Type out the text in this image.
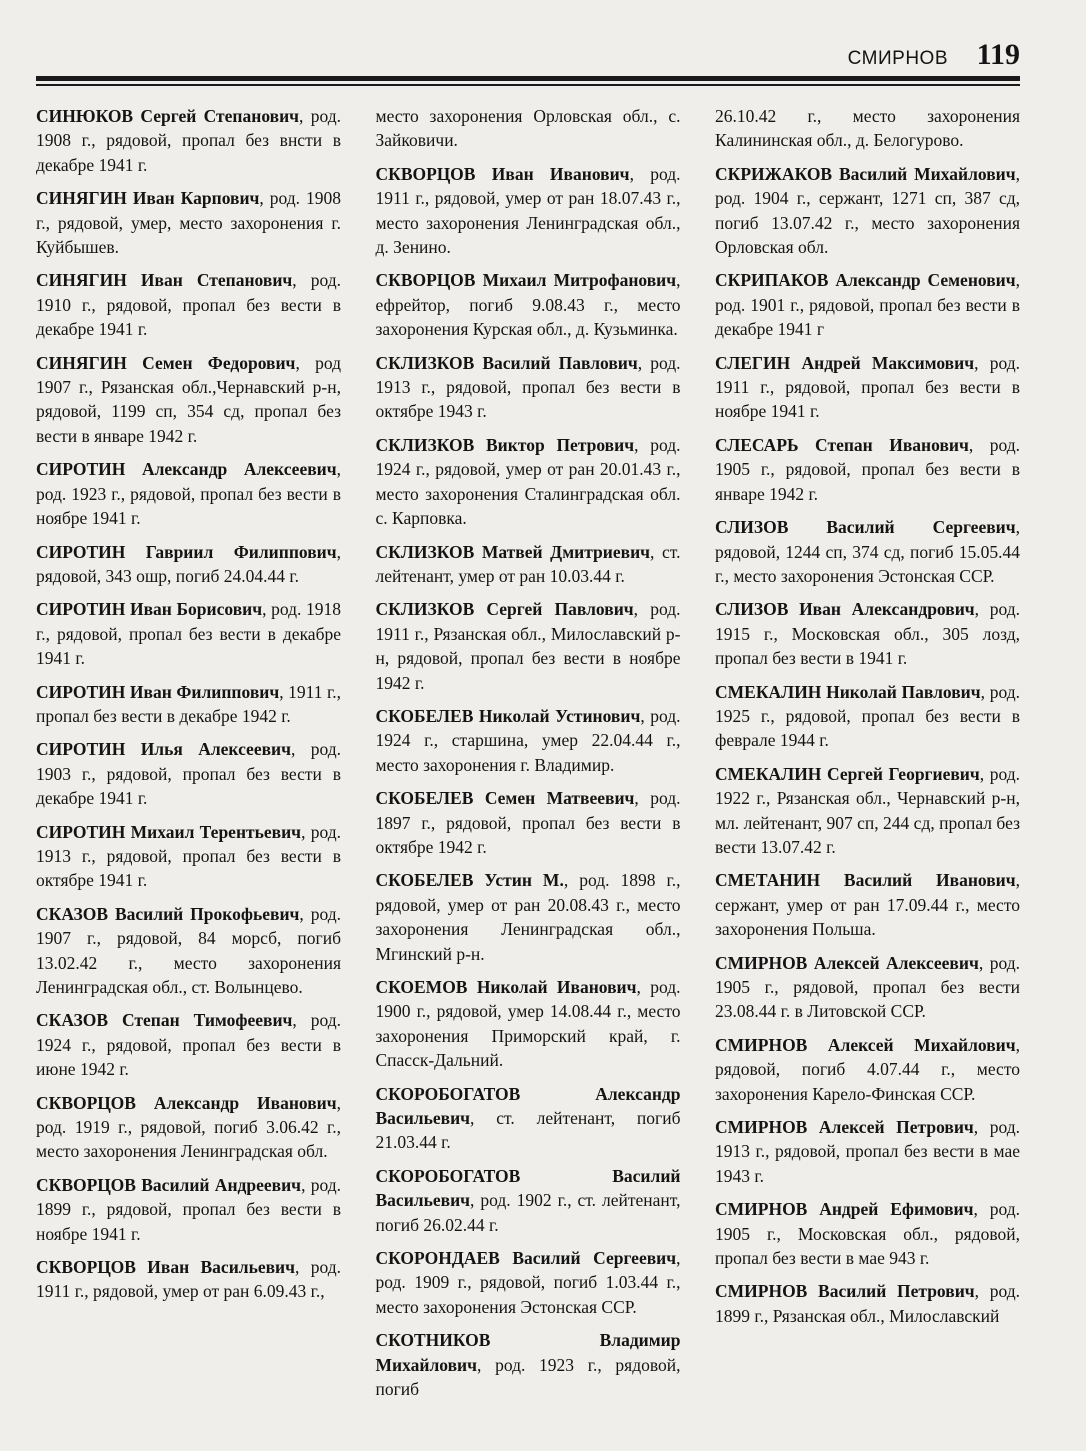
СМИРНОВ 119

СИНЮКОВ Сергей Степанович, род. 1908 г., рядовой, пропал без внсти в декабре 1941 г.

СИНЯГИН Иван Карпович, род. 1908 г., рядовой, умер, место захоронения г. Куйбышев.

СИНЯГИН Иван Степанович, род. 1910 г., рядовой, пропал без вести в декабре 1941 г.

СИНЯГИН Семен Федорович, род 1907 г., Рязанская обл.,Чернавский р-н, рядовой, 1199 сп, 354 сд, пропал без вести в январе 1942 г.

СИРОТИН Александр Алексеевич, род. 1923 г., рядовой, пропал без вести в ноябре 1941 г.

СИРОТИН Гавриил Филиппович, рядовой, 343 ошр, погиб 24.04.44 г.

СИРОТИН Иван Борисович, род. 1918 г., рядовой, пропал без вести в декабре 1941 г.

СИРОТИН Иван Филиппович, 1911 г., пропал без вести в декабре 1942 г.

СИРОТИН Илья Алексеевич, род. 1903 г., рядовой, пропал без вести в декабре 1941 г.

СИРОТИН Михаил Терентьевич, род. 1913 г., рядовой, пропал без вести в октябре 1941 г.

СКАЗОВ Василий Прокофьевич, род. 1907 г., рядовой, 84 морсб, погиб 13.02.42 г., место захоронения Ленинградская обл., ст. Волынцево.

СКАЗОВ Степан Тимофеевич, род. 1924 г., рядовой, пропал без вести в июне 1942 г.

СКВОРЦОВ Александр Иванович, род. 1919 г., рядовой, погиб 3.06.42 г., место захоронения Ленинградская обл.

СКВОРЦОВ Василий Андреевич, род. 1899 г., рядовой, пропал без вести в ноябре 1941 г.

СКВОРЦОВ Иван Васильевич, род. 1911 г., рядовой, умер от ран 6.09.43 г.,

место захоронения Орловская обл., с. Зайковичи.

СКВОРЦОВ Иван Иванович, род. 1911 г., рядовой, умер от ран 18.07.43 г., место захоронения Ленинградская обл., д. Зенино.

СКВОРЦОВ Михаил Митрофанович, ефрейтор, погиб 9.08.43 г., место захоронения Курская обл., д. Кузьминка.

СКЛИЗКОВ Василий Павлович, род. 1913 г., рядовой, пропал без вести в октябре 1943 г.

СКЛИЗКОВ Виктор Петрович, род. 1924 г., рядовой, умер от ран 20.01.43 г., место захоронения Сталинградская обл. с. Карповка.

СКЛИЗКОВ Матвей Дмитриевич, ст. лейтенант, умер от ран 10.03.44 г.

СКЛИЗКОВ Сергей Павлович, род. 1911 г., Рязанская обл., Милославский р-н, рядовой, пропал без вести в ноябре 1942 г.

СКОБЕЛЕВ Николай Устинович, род. 1924 г., старшина, умер 22.04.44 г., место захоронения г. Владимир.

СКОБЕЛЕВ Семен Матвеевич, род. 1897 г., рядовой, пропал без вести в октябре 1942 г.

СКОБЕЛЕВ Устин М., род. 1898 г., рядовой, умер от ран 20.08.43 г., место захоронения Ленинградская обл., Мгинский р-н.

СКОЕМОВ Николай Иванович, род. 1900 г., рядовой, умер 14.08.44 г., место захоронения Приморский край, г. Спасск-Дальний.

СКОРОБОГАТОВ Александр Васильевич, ст. лейтенант, погиб 21.03.44 г.

СКОРОБОГАТОВ Василий Васильевич, род. 1902 г., ст. лейтенант, погиб 26.02.44 г.

СКОРОНДАЕВ Василий Сергеевич, род. 1909 г., рядовой, погиб 1.03.44 г., место захоронения Эстонская ССР.

СКОТНИКОВ Владимир Михайлович, род. 1923 г., рядовой, погиб

26.10.42 г., место захоронения Калининская обл., д. Белогурово.

СКРИЖАКОВ Василий Михайлович, род. 1904 г., сержант, 1271 сп, 387 сд, погиб 13.07.42 г., место захоронения Орловская обл.

СКРИПАКОВ Александр Семенович, род. 1901 г., рядовой, пропал без вести в декабре 1941 г

СЛЕГИН Андрей Максимович, род. 1911 г., рядовой, пропал без вести в ноябре 1941 г.

СЛЕСАРЬ Степан Иванович, род. 1905 г., рядовой, пропал без вести в январе 1942 г.

СЛИЗОВ Василий Сергеевич, рядовой, 1244 сп, 374 сд, погиб 15.05.44 г., место захоронения Эстонская ССР.

СЛИЗОВ Иван Александрович, род. 1915 г., Московская обл., 305 лозд, пропал без вести в 1941 г.

СМЕКАЛИН Николай Павлович, род. 1925 г., рядовой, пропал без вести в феврале 1944 г.

СМЕКАЛИН Сергей Георгиевич, род. 1922 г., Рязанская обл., Чернавский р-н, мл. лейтенант, 907 сп, 244 сд, пропал без вести 13.07.42 г.

СМЕТАНИН Василий Иванович, сержант, умер от ран 17.09.44 г., место захоронения Польша.

СМИРНОВ Алексей Алексеевич, род. 1905 г., рядовой, пропал без вести 23.08.44 г. в Литовской ССР.

СМИРНОВ Алексей Михайлович, рядовой, погиб 4.07.44 г., место захоронения Карело-Финская ССР.

СМИРНОВ Алексей Петрович, род. 1913 г., рядовой, пропал без вести в мае 1943 г.

СМИРНОВ Андрей Ефимович, род. 1905 г., Московская обл., рядовой, пропал без вести в мае 943 г.

СМИРНОВ Василий Петрович, род. 1899 г., Рязанская обл., Милославский
